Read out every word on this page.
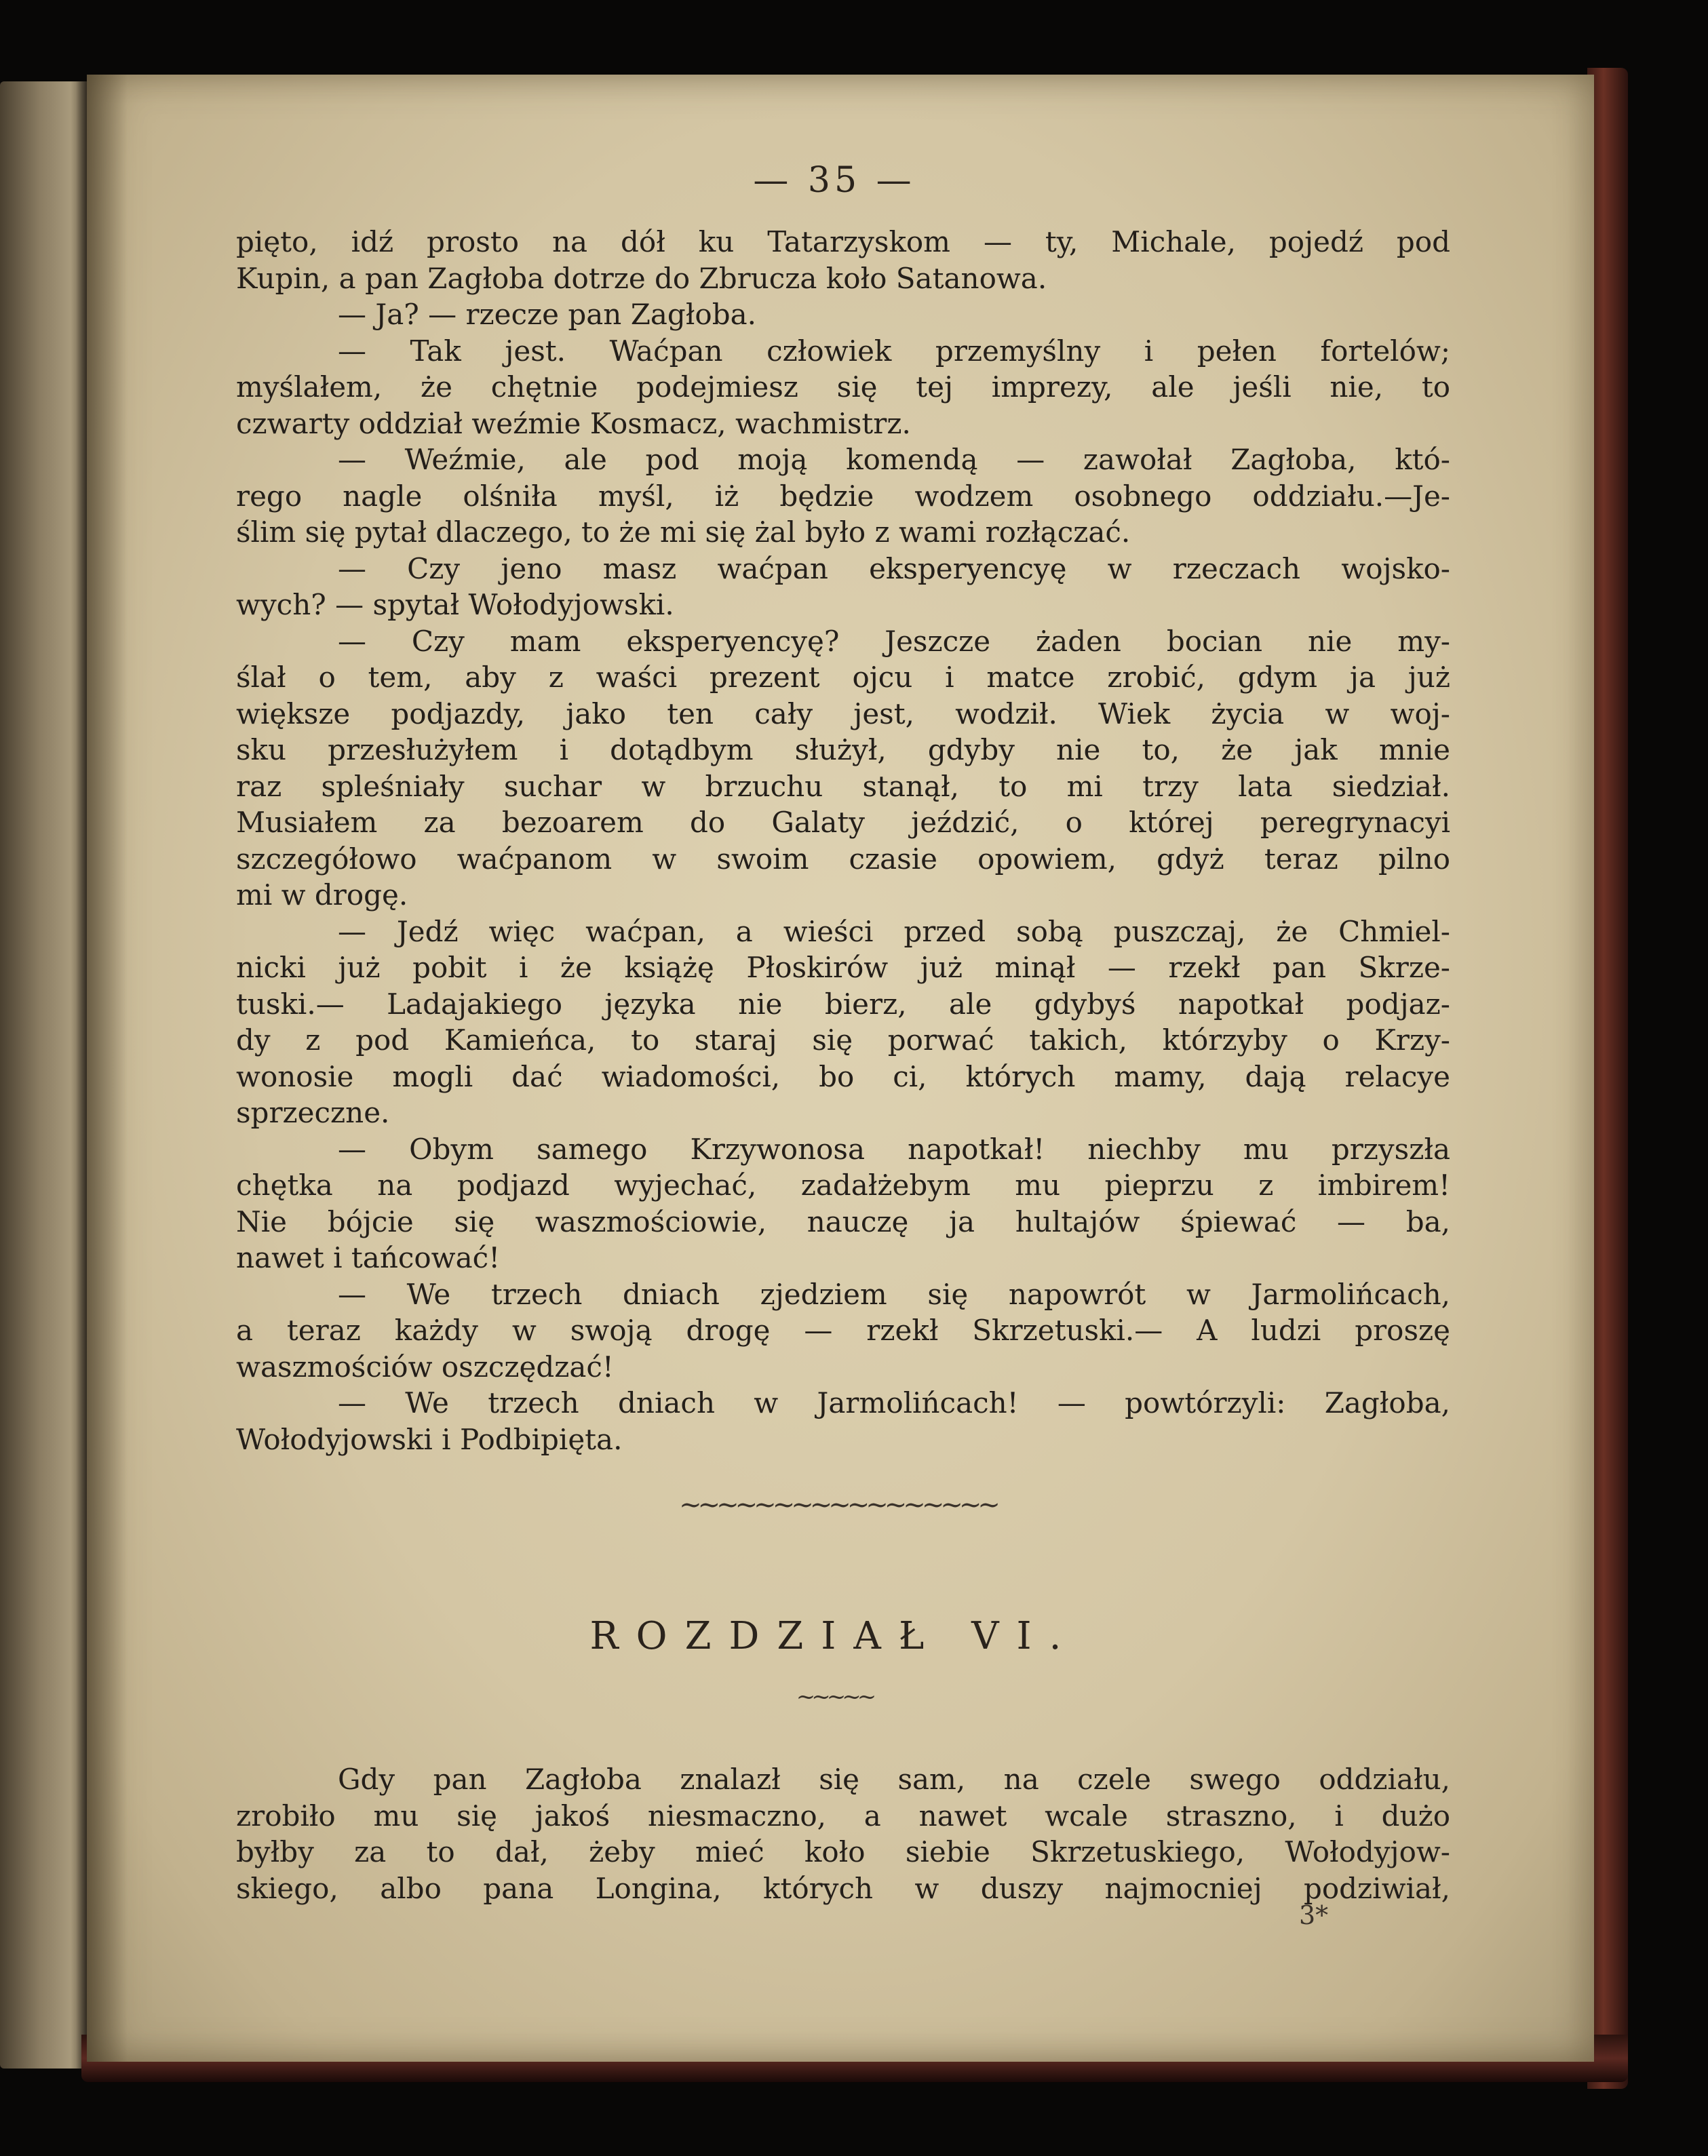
— 35 —
pięto, idź prosto na dół ku Tatarzyskom — ty, Michale, pojedź pod
Kupin, a pan Zagłoba dotrze do Zbrucza koło Satanowa.
— Ja? — rzecze pan Zagłoba.
— Tak jest. Waćpan człowiek przemyślny i pełen fortelów;
myślałem, że chętnie podejmiesz się tej imprezy, ale jeśli nie, to
czwarty oddział weźmie Kosmacz, wachmistrz.
— Weźmie, ale pod moją komendą — zawołał Zagłoba, któ-
rego nagle olśniła myśl, iż będzie wodzem osobnego oddziału.—Je-
ślim się pytał dlaczego, to że mi się żal było z wami rozłączać.
— Czy jeno masz waćpan eksperyencyę w rzeczach wojsko-
wych? — spytał Wołodyjowski.
— Czy mam eksperyencyę? Jeszcze żaden bocian nie my-
ślał o tem, aby z waści prezent ojcu i matce zrobić, gdym ja już
większe podjazdy, jako ten cały jest, wodził. Wiek życia w woj-
sku przesłużyłem i dotądbym służył, gdyby nie to, że jak mnie
raz spleśniały suchar w brzuchu stanął, to mi trzy lata siedział.
Musiałem za bezoarem do Galaty jeździć, o której peregrynacyi
szczegółowo waćpanom w swoim czasie opowiem, gdyż teraz pilno
mi w drogę.
— Jedź więc waćpan, a wieści przed sobą puszczaj, że Chmiel-
nicki już pobit i że książę Płoskirów już minął — rzekł pan Skrze-
tuski.— Ladajakiego języka nie bierz, ale gdybyś napotkał podjaz-
dy z pod Kamieńca, to staraj się porwać takich, którzyby o Krzy-
wonosie mogli dać wiadomości, bo ci, których mamy, dają relacye
sprzeczne.
— Obym samego Krzywonosa napotkał! niechby mu przyszła
chętka na podjazd wyjechać, zadałżebym mu pieprzu z imbirem!
Nie bójcie się waszmościowie, nauczę ja hultajów śpiewać — ba,
nawet i tańcować!
— We trzech dniach zjedziem się napowrót w Jarmolińcach,
a teraz każdy w swoją drogę — rzekł Skrzetuski.— A ludzi proszę
waszmościów oszczędzać!
— We trzech dniach w Jarmolińcach! — powtórzyli: Zagłoba,
Wołodyjowski i Podbipięta.
~~~~~~~~~~~~~~~~~
ROZDZIAŁ VI.
~~~~~
Gdy pan Zagłoba znalazł się sam, na czele swego oddziału,
zrobiło mu się jakoś niesmaczno, a nawet wcale straszno, i dużo
byłby za to dał, żeby mieć koło siebie Skrzetuskiego, Wołodyjow-
skiego, albo pana Longina, których w duszy najmocniej podziwiał,
3*
